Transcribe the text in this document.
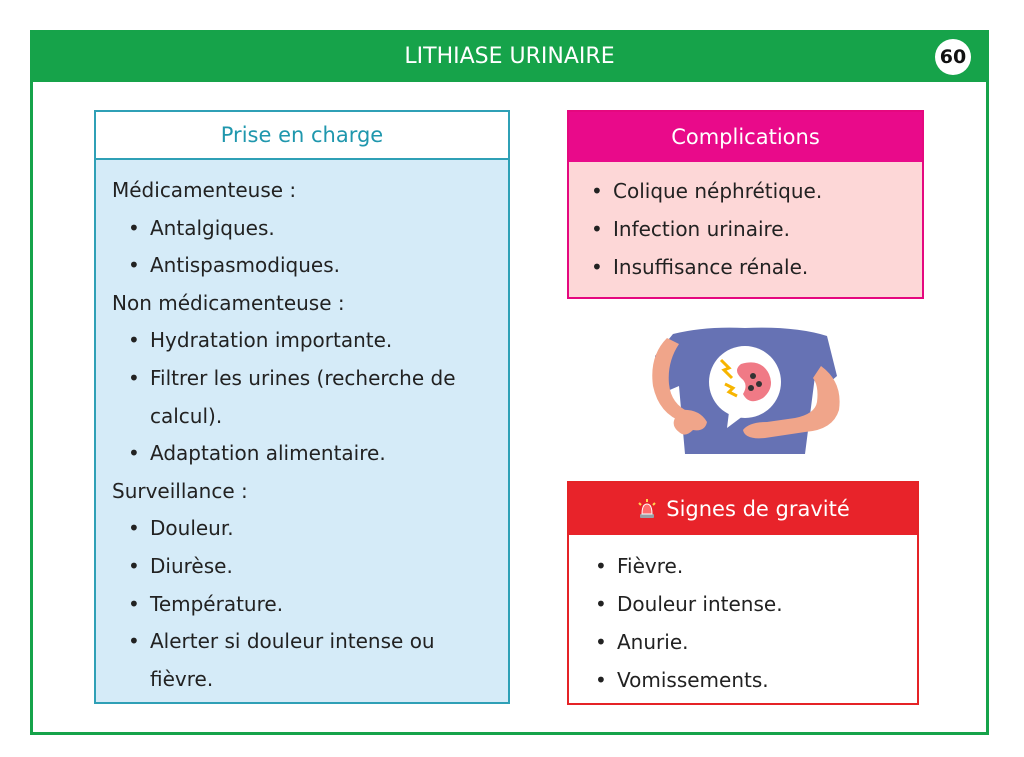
LITHIASE URINAIRE	60
Prise en charge
Médicamenteuse :
• Antalgiques.
• Antispasmodiques.
Non médicamenteuse :
• Hydratation importante.
• Filtrer les urines (recherche de
calcul).
• Adaptation alimentaire.
Surveillance :
• Douleur.
• Diurèse.
• Température.
• Alerter si douleur intense ou
fièvre.
Complications
• Colique néphrétique.
• Infection urinaire.
• Insuffisance rénale.
Signes de gravité
• Fièvre.
• Douleur intense.
• Anurie.
• Vomissements.
